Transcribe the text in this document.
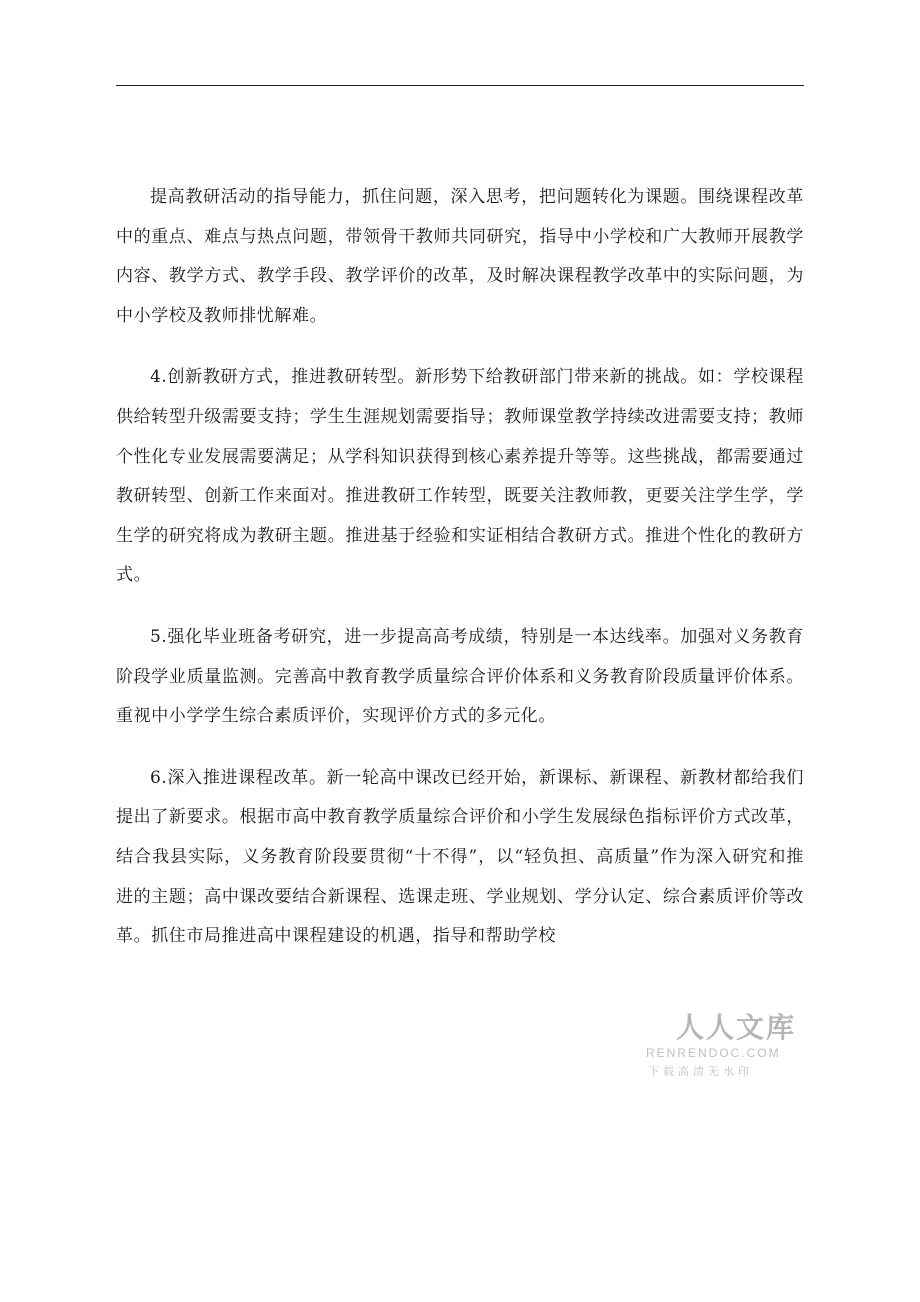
提高教研活动的指导能力，抓住问题，深入思考，把问题转化为课题。围绕课程改革中的重点、难点与热点问题，带领骨干教师共同研究，指导中小学校和广大教师开展教学内容、教学方式、教学手段、教学评价的改革，及时解决课程教学改革中的实际问题，为中小学校及教师排忧解难。

4.创新教研方式，推进教研转型。新形势下给教研部门带来新的挑战。如：学校课程供给转型升级需要支持；学生生涯规划需要指导；教师课堂教学持续改进需要支持；教师个性化专业发展需要满足；从学科知识获得到核心素养提升等等。这些挑战，都需要通过教研转型、创新工作来面对。推进教研工作转型，既要关注教师教，更要关注学生学，学生学的研究将成为教研主题。推进基于经验和实证相结合教研方式。推进个性化的教研方式。

5.强化毕业班备考研究，进一步提高高考成绩，特别是一本达线率。加强对义务教育阶段学业质量监测。完善高中教育教学质量综合评价体系和义务教育阶段质量评价体系。重视中小学学生综合素质评价，实现评价方式的多元化。

6.深入推进课程改革。新一轮高中课改已经开始，新课标、新课程、新教材都给我们提出了新要求。根据市高中教育教学质量综合评价和小学生发展绿色指标评价方式改革，结合我县实际，义务教育阶段要贯彻“十不得”，以“轻负担、高质量”作为深入研究和推进的主题；高中课改要结合新课程、选课走班、学业规划、学分认定、综合素质评价等改革。抓住市局推进高中课程建设的机遇，指导和帮助学校

人人文库
RENRENDOC.COM
下载高清无水印
